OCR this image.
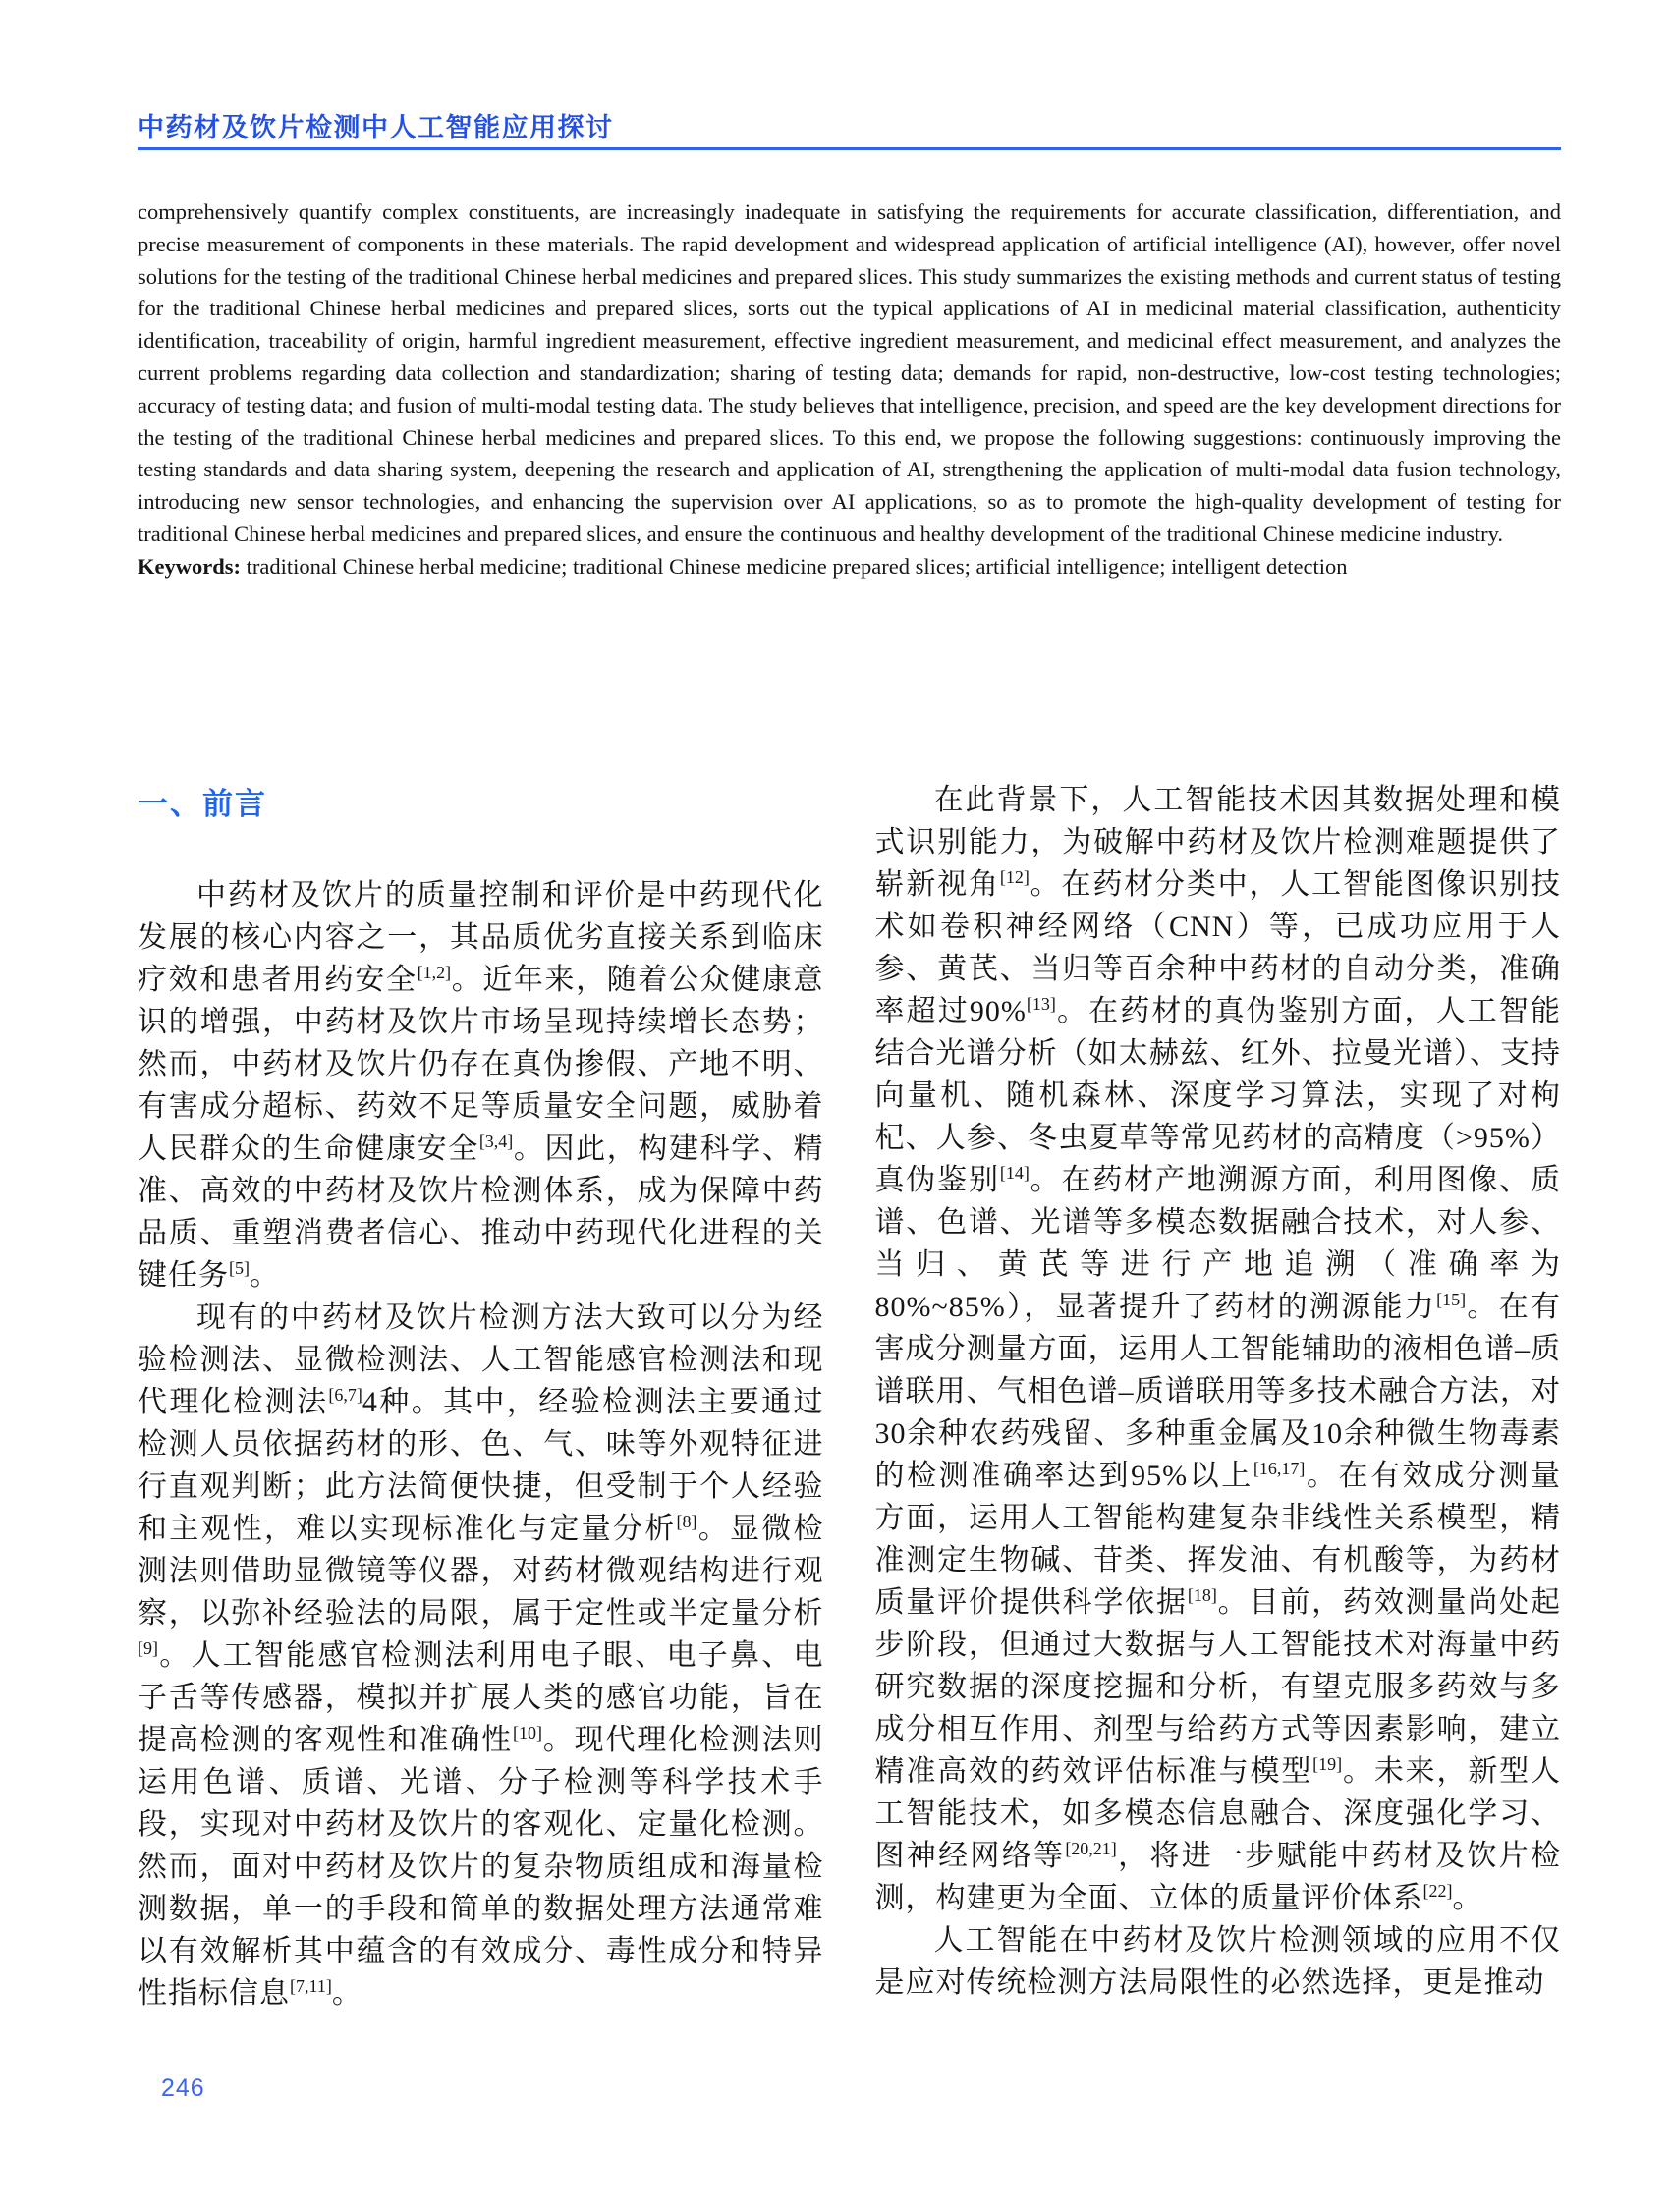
中药材及饮片检测中人工智能应用探讨

comprehensively quantify complex constituents, are increasingly inadequate in satisfying the requirements for accurate classification, differentiation, and precise measurement of components in these materials. The rapid development and widespread application of artificial intelligence (AI), however, offer novel solutions for the testing of the traditional Chinese herbal medicines and prepared slices. This study summarizes the existing methods and current status of testing for the traditional Chinese herbal medicines and prepared slices, sorts out the typical applications of AI in medicinal material classification, authenticity identification, traceability of origin, harmful ingredient measurement, effective ingredient measurement, and medicinal effect measurement, and analyzes the current problems regarding data collection and standardization; sharing of testing data; demands for rapid, non-destructive, low-cost testing technologies; accuracy of testing data; and fusion of multi-modal testing data. The study believes that intelligence, precision, and speed are the key development directions for the testing of the traditional Chinese herbal medicines and prepared slices. To this end, we propose the following suggestions: continuously improving the testing standards and data sharing system, deepening the research and application of AI, strengthening the application of multi-modal data fusion technology, introducing new sensor technologies, and enhancing the supervision over AI applications, so as to promote the high-quality development of testing for traditional Chinese herbal medicines and prepared slices, and ensure the continuous and healthy development of the traditional Chinese medicine industry.

Keywords: traditional Chinese herbal medicine; traditional Chinese medicine prepared slices; artificial intelligence; intelligent detection

一、前言

中药材及饮片的质量控制和评价是中药现代化发展的核心内容之一，其品质优劣直接关系到临床疗效和患者用药安全[1,2]。近年来，随着公众健康意识的增强，中药材及饮片市场呈现持续增长态势；然而，中药材及饮片仍存在真伪掺假、产地不明、有害成分超标、药效不足等质量安全问题，威胁着人民群众的生命健康安全[3,4]。因此，构建科学、精准、高效的中药材及饮片检测体系，成为保障中药品质、重塑消费者信心、推动中药现代化进程的关键任务[5]。

现有的中药材及饮片检测方法大致可以分为经验检测法、显微检测法、人工智能感官检测法和现代理化检测法[6,7]4种。其中，经验检测法主要通过检测人员依据药材的形、色、气、味等外观特征进行直观判断；此方法简便快捷，但受制于个人经验和主观性，难以实现标准化与定量分析[8]。显微检测法则借助显微镜等仪器，对药材微观结构进行观察，以弥补经验法的局限，属于定性或半定量分析[9]。人工智能感官检测法利用电子眼、电子鼻、电子舌等传感器，模拟并扩展人类的感官功能，旨在提高检测的客观性和准确性[10]。现代理化检测法则运用色谱、质谱、光谱、分子检测等科学技术手段，实现对中药材及饮片的客观化、定量化检测。然而，面对中药材及饮片的复杂物质组成和海量检测数据，单一的手段和简单的数据处理方法通常难以有效解析其中蕴含的有效成分、毒性成分和特异性指标信息[7,11]。

在此背景下，人工智能技术因其数据处理和模式识别能力，为破解中药材及饮片检测难题提供了崭新视角[12]。在药材分类中，人工智能图像识别技术如卷积神经网络（CNN）等，已成功应用于人参、黄芪、当归等百余种中药材的自动分类，准确率超过90%[13]。在药材的真伪鉴别方面，人工智能结合光谱分析（如太赫兹、红外、拉曼光谱）、支持向量机、随机森林、深度学习算法，实现了对枸杞、人参、冬虫夏草等常见药材的高精度（>95%）真伪鉴别[14]。在药材产地溯源方面，利用图像、质谱、色谱、光谱等多模态数据融合技术，对人参、当归、黄芪等进行产地追溯（准确率为80%~85%），显著提升了药材的溯源能力[15]。在有害成分测量方面，运用人工智能辅助的液相色谱–质谱联用、气相色谱–质谱联用等多技术融合方法，对30余种农药残留、多种重金属及10余种微生物毒素的检测准确率达到95%以上[16,17]。在有效成分测量方面，运用人工智能构建复杂非线性关系模型，精准测定生物碱、苷类、挥发油、有机酸等，为药材质量评价提供科学依据[18]。目前，药效测量尚处起步阶段，但通过大数据与人工智能技术对海量中药研究数据的深度挖掘和分析，有望克服多药效与多成分相互作用、剂型与给药方式等因素影响，建立精准高效的药效评估标准与模型[19]。未来，新型人工智能技术，如多模态信息融合、深度强化学习、图神经网络等[20,21]，将进一步赋能中药材及饮片检测，构建更为全面、立体的质量评价体系[22]。

人工智能在中药材及饮片检测领域的应用不仅是应对传统检测方法局限性的必然选择，更是推动

246
